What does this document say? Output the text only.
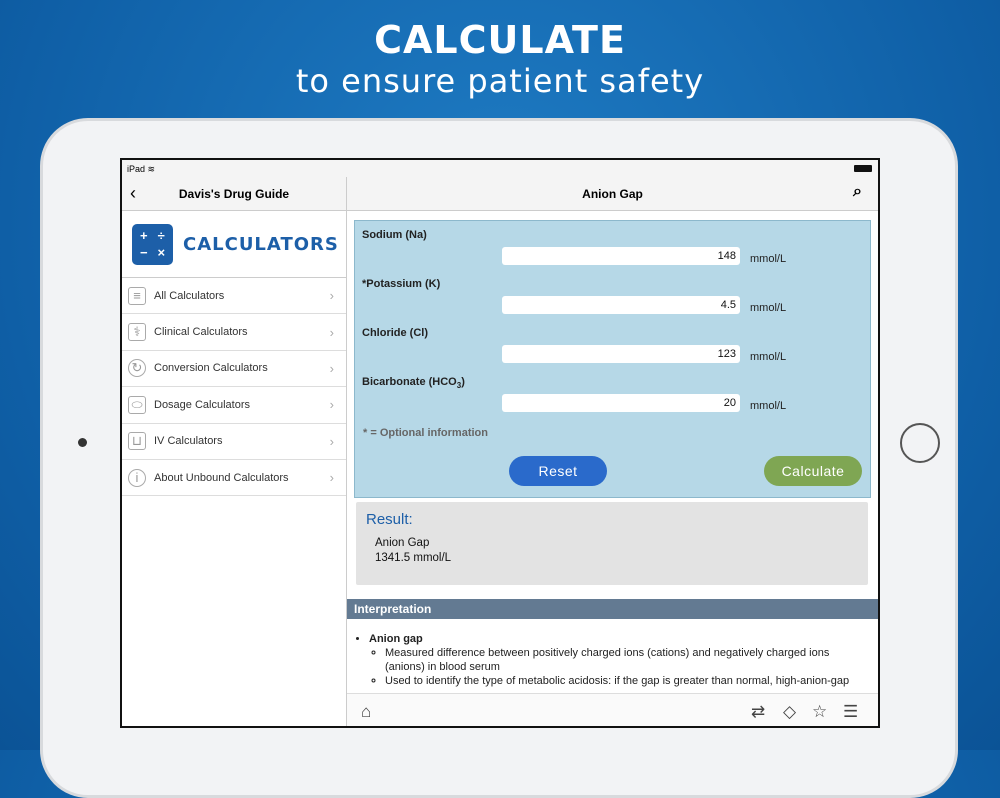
CALCULATE
to ensure patient safety
iPad ≋
‹	Davis's Drug Guide
+ ÷
− × CALCULATORS
≡	All Calculators	›
⚕	Clinical Calculators	›
↻	Conversion Calculators	›
⬭	Dosage Calculators	›
⊔	IV Calculators	›
i	About Unbound Calculators	›
Anion Gap	⌕
Sodium (Na)
148	mmol/L
*Potassium (K)
4.5	mmol/L
Chloride (Cl)
123	mmol/L
Bicarbonate $(HCO_3)$
20	mmol/L
* = Optional information
Reset	Calculate
Result:
Anion Gap
1341.5 mmol/L
Interpretation
• Anion gap
◦ Measured difference between positively charged ions (cations) and negatively charged ions (anions) in blood serum
◦ Used to identify the type of metabolic acidosis: if the gap is greater than normal, high-anion-gap
⌂	⇄ ◇ ☆ ☰
